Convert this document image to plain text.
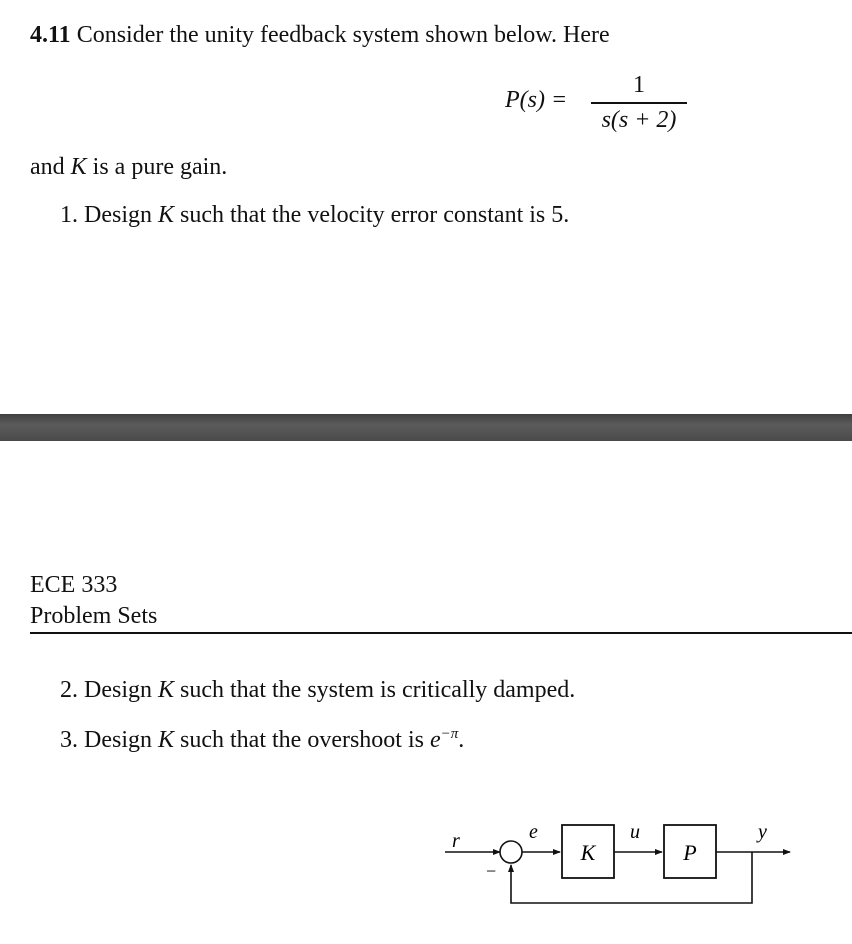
4.11 Consider the unity feedback system shown below. Here
P(s) =
1
s(s + 2)
and K is a pure gain.
1. Design K such that the velocity error constant is 5.
ECE 333
Problem Sets
2. Design K such that the system is critically damped.
3. Design K such that the overshoot is $e^{-\pi}$.
r	e	u	y
−
K	P
